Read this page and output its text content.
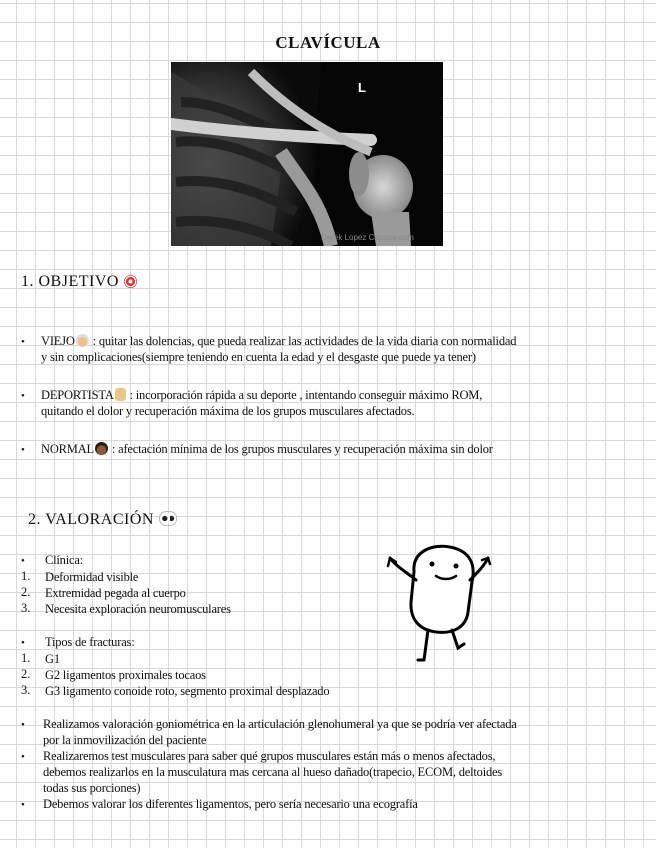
CLAVÍCULA
L
Derek Lopez Capape.com
1. OBJETIVO
• VIEJO : quitar las dolencias, que pueda realizar las actividades de la vida diaria con normalidad
y sin complicaciones(siempre teniendo en cuenta la edad y el desgaste que puede ya tener)
• DEPORTISTA : incorporación rápida a su deporte , intentando conseguir máximo ROM,
quitando el dolor y recuperación máxima de los grupos musculares afectados.
• NORMAL : afectación mínima de los grupos musculares y recuperación máxima sin dolor
2. VALORACIÓN
• Clínica:
1. Deformidad visible
2. Extremidad pegada al cuerpo
3. Necesita exploración neuromusculares
• Tipos de fracturas:
1. G1
2. G2 ligamentos proximales tocaos
3. G3 ligamento conoide roto, segmento proximal desplazado
• Realizamos valoración goniométrica en la articulación glenohumeral ya que se podría ver afectada
por la inmovilización del paciente
• Realizaremos test musculares para saber qué grupos musculares están más o menos afectados,
debemos realizarlos en la musculatura mas cercana al hueso dañado(trapecio, ECOM, deltoides
todas sus porciones)
• Debemos valorar los diferentes ligamentos, pero sería necesario una ecografía
